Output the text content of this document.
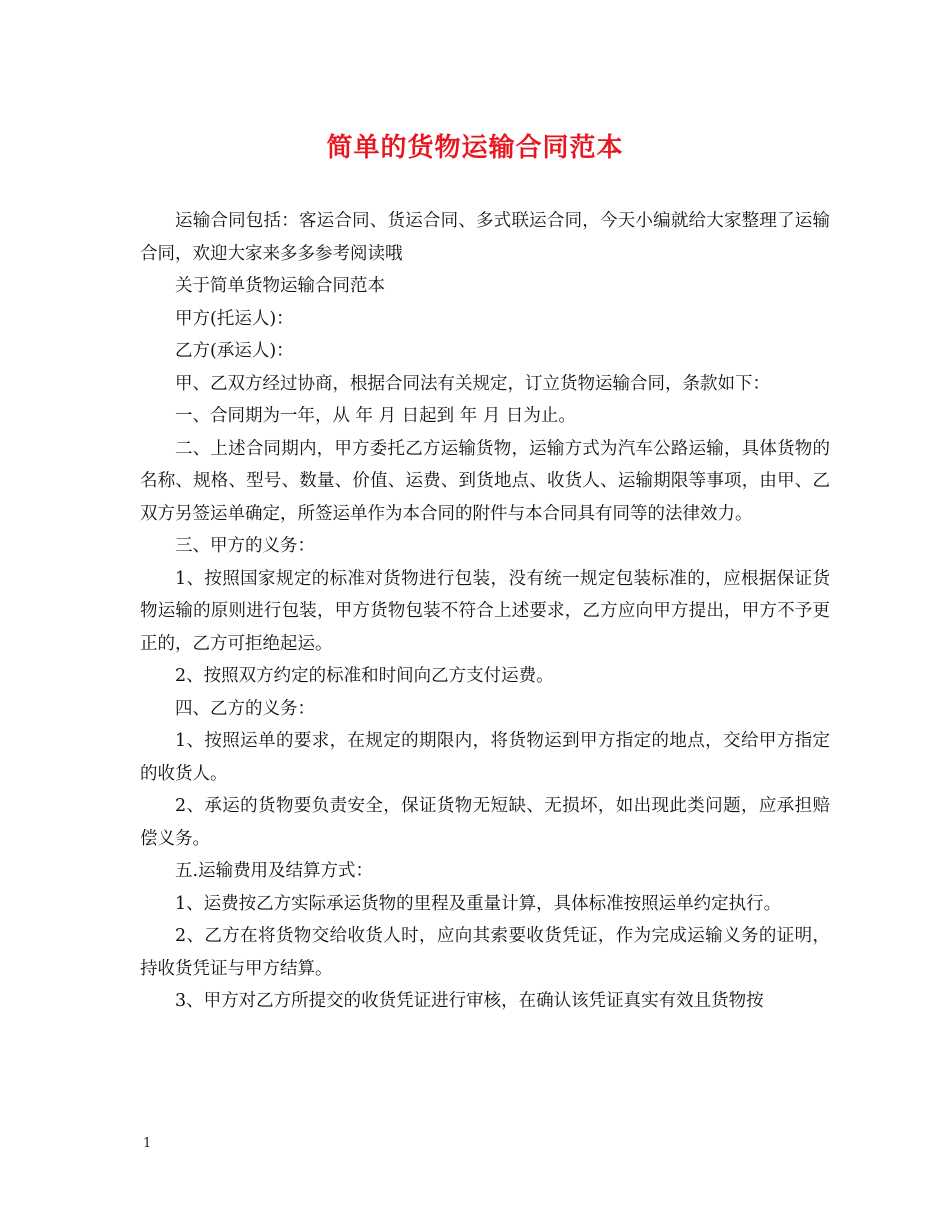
简单的货物运输合同范本

运输合同包括：客运合同、货运合同、多式联运合同，今天小编就给大家整理了运输合同，欢迎大家来多多参考阅读哦

关于简单货物运输合同范本

甲方(托运人)：

乙方(承运人)：

甲、乙双方经过协商，根据合同法有关规定，订立货物运输合同，条款如下：

一、合同期为一年，从 年 月 日起到 年 月 日为止。

二、上述合同期内，甲方委托乙方运输货物，运输方式为汽车公路运输，具体货物的名称、规格、型号、数量、价值、运费、到货地点、收货人、运输期限等事项，由甲、乙双方另签运单确定，所签运单作为本合同的附件与本合同具有同等的法律效力。

三、甲方的义务：

1、按照国家规定的标准对货物进行包装，没有统一规定包装标准的，应根据保证货物运输的原则进行包装，甲方货物包装不符合上述要求，乙方应向甲方提出，甲方不予更正的，乙方可拒绝起运。

2、按照双方约定的标准和时间向乙方支付运费。

四、乙方的义务：

1、按照运单的要求，在规定的期限内，将货物运到甲方指定的地点，交给甲方指定的收货人。

2、承运的货物要负责安全，保证货物无短缺、无损坏，如出现此类问题，应承担赔偿义务。

五.运输费用及结算方式：

1、运费按乙方实际承运货物的里程及重量计算，具体标准按照运单约定执行。

2、乙方在将货物交给收货人时，应向其索要收货凭证，作为完成运输义务的证明，持收货凭证与甲方结算。

3、甲方对乙方所提交的收货凭证进行审核，在确认该凭证真实有效且货物按

1
